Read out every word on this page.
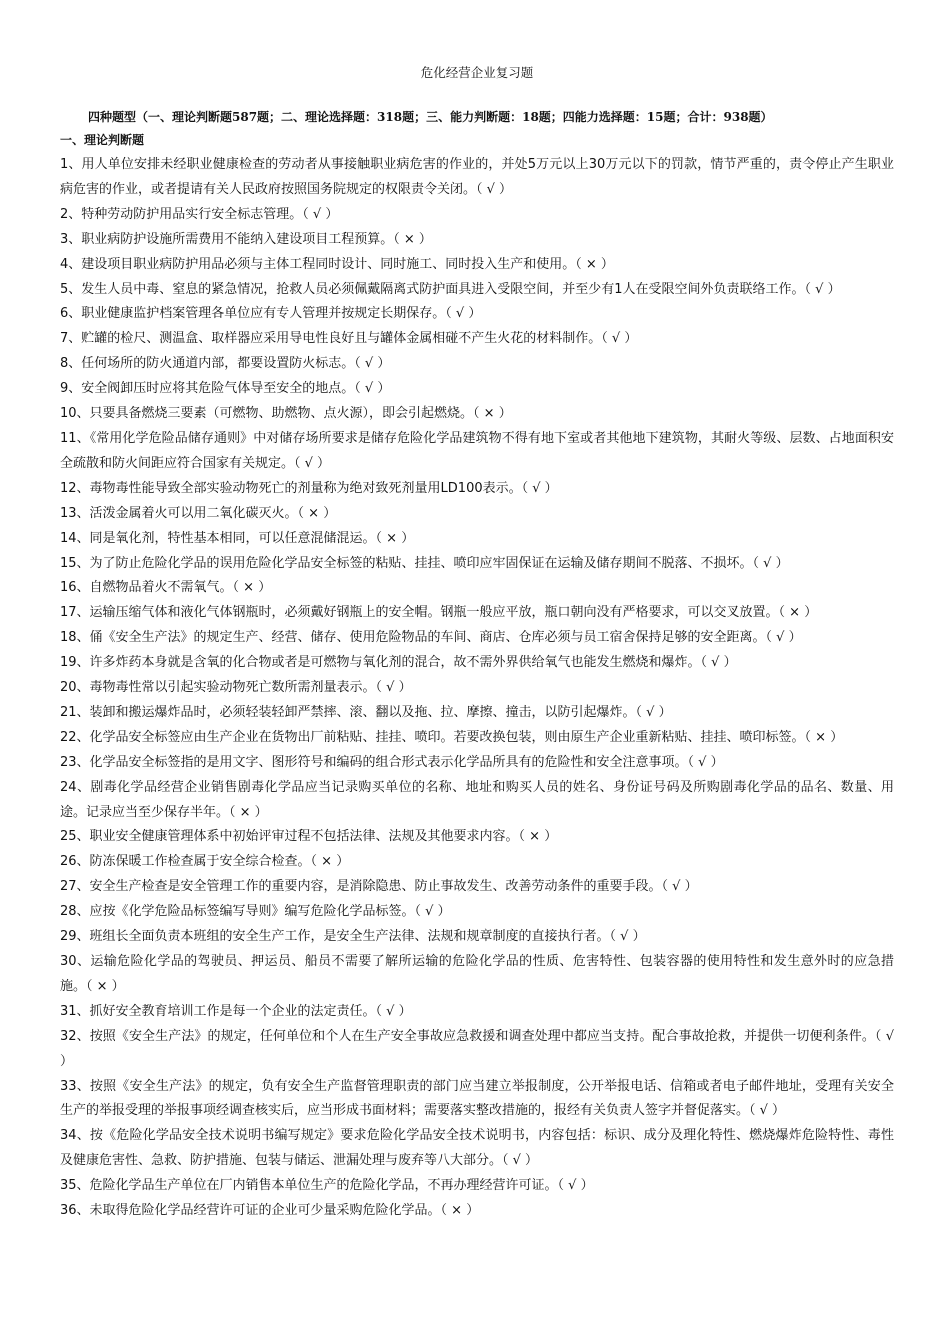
危化经营企业复习题
四种题型（一、理论判断题587题；二、理论选择题：318题；三、能力判断题：18题；四能力选择题：15题；合计：938题）
一、理论判断题
1、用人单位安排未经职业健康检查的劳动者从事接触职业病危害的作业的，并处5万元以上30万元以下的罚款，情节严重的，责令停止产生职业病危害的作业，或者提请有关人民政府按照国务院规定的权限责令关闭。（ √ ）
2、特种劳动防护用品实行安全标志管理。（ √ ）
3、职业病防护设施所需费用不能纳入建设项目工程预算。（ × ）
4、建设项目职业病防护用品必须与主体工程同时设计、同时施工、同时投入生产和使用。（ × ）
5、发生人员中毒、窒息的紧急情况，抢救人员必须佩戴隔离式防护面具进入受限空间，并至少有1人在受限空间外负责联络工作。（ √ ）
6、职业健康监护档案管理各单位应有专人管理并按规定长期保存。（ √ ）
7、贮罐的检尺、测温盒、取样器应采用导电性良好且与罐体金属相碰不产生火花的材料制作。（ √ ）
8、任何场所的防火通道内部，都要设置防火标志。（ √ ）
9、安全阀卸压时应将其危险气体导至安全的地点。（ √ ）
10、只要具备燃烧三要素（可燃物、助燃物、点火源），即会引起燃烧。（ × ）
11、《常用化学危险品储存通则》中对储存场所要求是储存危险化学品建筑物不得有地下室或者其他地下建筑物，其耐火等级、层数、占地面积安全疏散和防火间距应符合国家有关规定。（ √ ）
12、毒物毒性能导致全部实验动物死亡的剂量称为绝对致死剂量用LD100表示。（ √ ）
13、活泼金属着火可以用二氧化碳灭火。（ × ）
14、同是氧化剂，特性基本相同，可以任意混储混运。（ × ）
15、为了防止危险化学品的误用危险化学品安全标签的粘贴、挂挂、喷印应牢固保证在运输及储存期间不脱落、不损坏。（ √ ）
16、自燃物品着火不需氧气。（ × ）
17、运输压缩气体和液化气体钢瓶时，必须戴好钢瓶上的安全帽。钢瓶一般应平放，瓶口朝向没有严格要求，可以交叉放置。（ × ）
18、俑《安全生产法》的规定生产、经营、储存、使用危险物品的车间、商店、仓库必须与员工宿舍保持足够的安全距离。（ √ ）
19、许多炸药本身就是含氧的化合物或者是可燃物与氧化剂的混合，故不需外界供给氧气也能发生燃烧和爆炸。（ √ ）
20、毒物毒性常以引起实验动物死亡数所需剂量表示。（ √ ）
21、装卸和搬运爆炸品时，必须轻装轻卸严禁摔、滚、翻以及拖、拉、摩擦、撞击，以防引起爆炸。（ √ ）
22、化学品安全标签应由生产企业在货物出厂前粘贴、挂挂、喷印。若要改换包装，则由原生产企业重新粘贴、挂挂、喷印标签。（ × ）
23、化学品安全标签指的是用文字、图形符号和编码的组合形式表示化学品所具有的危险性和安全注意事项。（ √ ）
24、剧毒化学品经营企业销售剧毒化学品应当记录购买单位的名称、地址和购买人员的姓名、身份证号码及所购剧毒化学品的品名、数量、用途。记录应当至少保存半年。（ × ）
25、职业安全健康管理体系中初始评审过程不包括法律、法规及其他要求内容。（ × ）
26、防冻保暖工作检查属于安全综合检查。（ × ）
27、安全生产检查是安全管理工作的重要内容，是消除隐患、防止事故发生、改善劳动条件的重要手段。（ √ ）
28、应按《化学危险品标签编写导则》编写危险化学品标签。（ √ ）
29、班组长全面负责本班组的安全生产工作，是安全生产法律、法规和规章制度的直接执行者。（ √ ）
30、运输危险化学品的驾驶员、押运员、船员不需要了解所运输的危险化学品的性质、危害特性、包装容器的使用特性和发生意外时的应急措施。（ × ）
31、抓好安全教育培训工作是每一个企业的法定责任。（ √ ）
32、按照《安全生产法》的规定，任何单位和个人在生产安全事故应急救援和调查处理中都应当支持。配合事故抢救，并提供一切便利条件。（ √ ）
33、按照《安全生产法》的规定，负有安全生产监督管理职责的部门应当建立举报制度，公开举报电话、信箱或者电子邮件地址，受理有关安全生产的举报受理的举报事项经调查核实后，应当形成书面材料；需要落实整改措施的，报经有关负责人签字并督促落实。（ √ ）
34、按《危险化学品安全技术说明书编写规定》要求危险化学品安全技术说明书，内容包括：标识、成分及理化特性、燃烧爆炸危险特性、毒性及健康危害性、急救、防护措施、包装与储运、泄漏处理与废弃等八大部分。（ √ ）
35、危险化学品生产单位在厂内销售本单位生产的危险化学品，不再办理经营许可证。（ √ ）
36、未取得危险化学品经营许可证的企业可少量采购危险化学品。（ × ）
